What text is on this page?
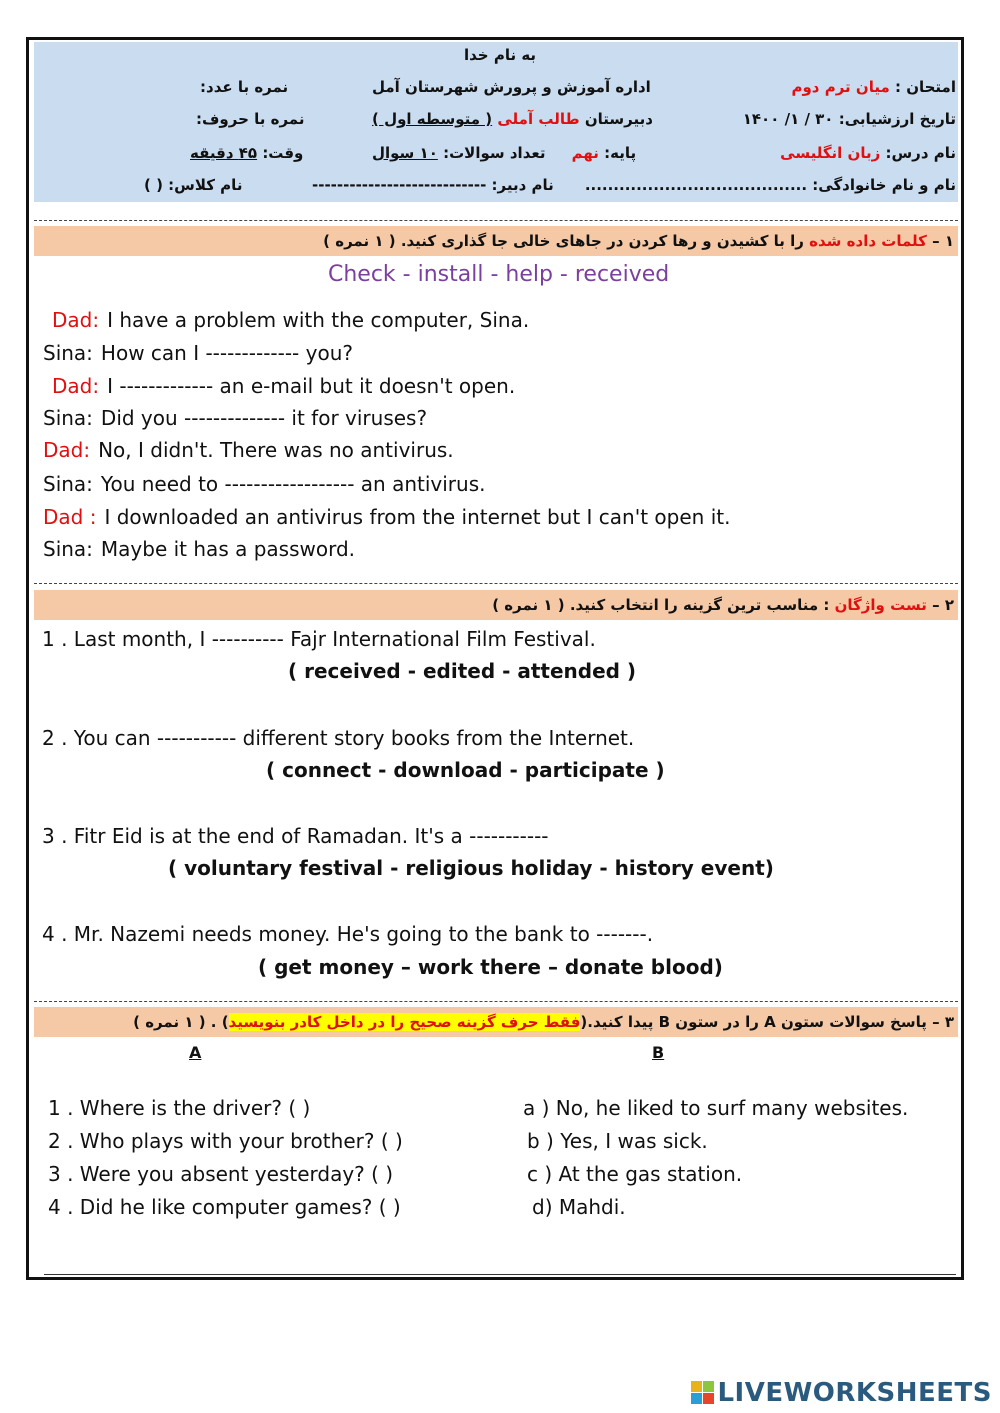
به نام خدا
امتحان : میان ترم دوم
اداره آموزش و پرورش شهرستان آمل
نمره با عدد:
تاریخ ارزشیابی: ۳۰ / ۱/ ۱۴۰۰
دبیرستان طالب آملی ( متوسطه اول )
نمره با حروف:
نام درس: زبان انگلیسی
پایه: نهم     تعداد سوالات: ۱۰ سوال
وقت: ۴۵ دقیقه
نام و نام خانوادگی: .......................................
نام دبیر: ----------------------------
نام کلاس: ( )
۱ – کلمات داده شده را با کشیدن و رها کردن در جاهای خالی جا گذاری کنید. ( ۱ نمره )
Check - install - help - received
Dad: I have a problem with the computer, Sina.
Sina: How can I ------------- you?
Dad: I ------------- an e-mail but it doesn't open.
Sina: Did you -------------- it for viruses?
Dad: No, I didn't. There was no antivirus.
Sina: You need to ------------------ an antivirus.
Dad : I downloaded an antivirus from the internet but I can't open it.
Sina: Maybe it has a password.
۲ – تست واژگان : مناسب ترین گزینه را انتخاب کنید. ( ۱ نمره )
1 . Last month, I ---------- Fajr International Film Festival.
( received - edited - attended )
2 . You can ----------- different story books from the Internet.
( connect - download - participate )
3 . Fitr Eid is at the end of Ramadan. It's a -----------
( voluntary festival - religious holiday - history event)
4 . Mr. Nazemi needs money. He's going to the bank to -------.
( get money – work there – donate blood)
۳ – پاسخ سوالات ستون A را در ستون B پیدا کنید.(فقط حرف گزینه صحیح را در داخل کادر بنویسید) . ( ۱ نمره )
A	B
1 . Where is the driver? ( )
2 . Who plays with your brother? ( )
3 . Were you absent yesterday? ( )
4 . Did he like computer games? ( )
a ) No, he liked to surf many websites.
b ) Yes, I was sick.
c ) At the gas station.
d) Mahdi.
LIVEWORKSHEETS
